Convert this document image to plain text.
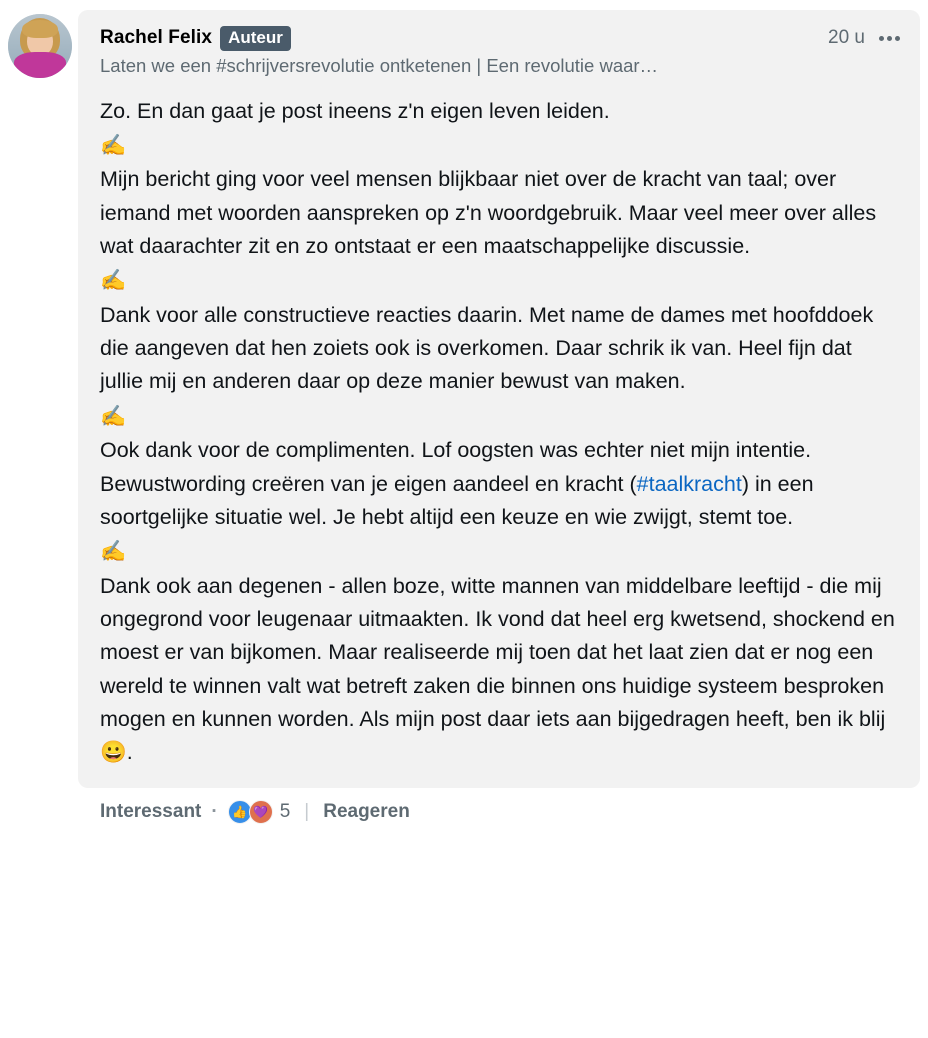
Rachel Felix Auteur	20 u
Laten we een #schrijversrevolutie ontketenen | Een revolutie waar…

Zo. En dan gaat je post ineens z'n eigen leven leiden.

✍️

Mijn bericht ging voor veel mensen blijkbaar niet over de kracht van taal; over iemand met woorden aanspreken op z'n woordgebruik. Maar veel meer over alles wat daarachter zit en zo ontstaat er een maatschappelijke discussie.

✍️

Dank voor alle constructieve reacties daarin. Met name de dames met hoofddoek die aangeven dat hen zoiets ook is overkomen. Daar schrik ik van. Heel fijn dat jullie mij en anderen daar op deze manier bewust van maken.

✍️

Ook dank voor de complimenten. Lof oogsten was echter niet mijn intentie. Bewustwording creëren van je eigen aandeel en kracht (#taalkracht) in een soortgelijke situatie wel. Je hebt altijd een keuze en wie zwijgt, stemt toe.

✍️

Dank ook aan degenen - allen boze, witte mannen van middelbare leeftijd - die mij ongegrond voor leugenaar uitmaakten. Ik vond dat heel erg kwetsend, shockend en moest er van bijkomen. Maar realiseerde mij toen dat het laat zien dat er nog een wereld te winnen valt wat betreft zaken die binnen ons huidige systeem besproken mogen en kunnen worden. Als mijn post daar iets aan bijgedragen heeft, ben ik blij 😀.

Interessant · 👍 💜	5 | Reageren
